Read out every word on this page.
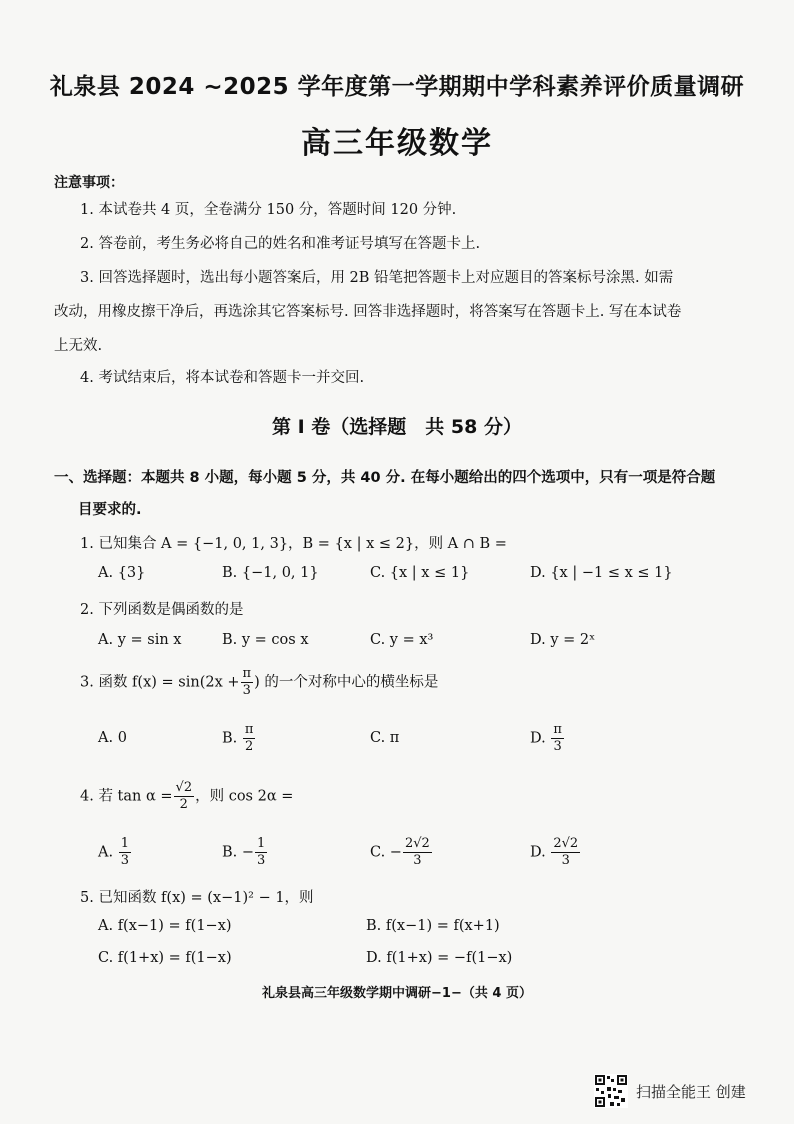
礼泉县 2024 ~2025 学年度第一学期期中学科素养评价质量调研
高三年级数学
注意事项：
1. 本试卷共 4 页，全卷满分 150 分，答题时间 120 分钟.
2. 答卷前，考生务必将自己的姓名和准考证号填写在答题卡上.
3. 回答选择题时，选出每小题答案后，用 2B 铅笔把答题卡上对应题目的答案标号涂黑. 如需
改动，用橡皮擦干净后，再选涂其它答案标号. 回答非选择题时，将答案写在答题卡上. 写在本试卷
上无效.
4. 考试结束后，将本试卷和答题卡一并交回.
第 Ⅰ 卷（选择题　共 58 分）
一、选择题：本题共 8 小题，每小题 5 分，共 40 分. 在每小题给出的四个选项中，只有一项是符合题
目要求的.
1. 已知集合 A = {−1, 0, 1, 3}，B = {x | x ≤ 2}，则 A ∩ B =
A. {3}	B. {−1, 0, 1}	C. {x | x ≤ 1}	D. {x | −1 ≤ x ≤ 1}
2. 下列函数是偶函数的是
A. y = sin x	B. y = cos x	C. y = x³	D. y = 2ˣ
3. 函数 $f(x) = \sin(2x + \frac{\pi}{3}$ ) 的一个对称中心的横坐标是
A. 0	B. $\frac{\pi}{2}$	C. π	D. $\frac{\pi}{3}$
4. 若 $\tan \alpha = \frac{√2}{2}$ ，则 cos 2α =
A. $\frac{1}{3}$	B. − $\frac{1}{3}$	C. − $\frac{2√2}{3}$	D. $\frac{2√2}{3}$
5. 已知函数 f(x) = (x−1)² − 1，则
A. f(x−1) = f(1−x)	B. f(x−1) = f(x+1)
C. f(1+x) = f(1−x)	D. f(1+x) = −f(1−x)
礼泉县高三年级数学期中调研−1−（共 4 页）
扫描全能王 创建
